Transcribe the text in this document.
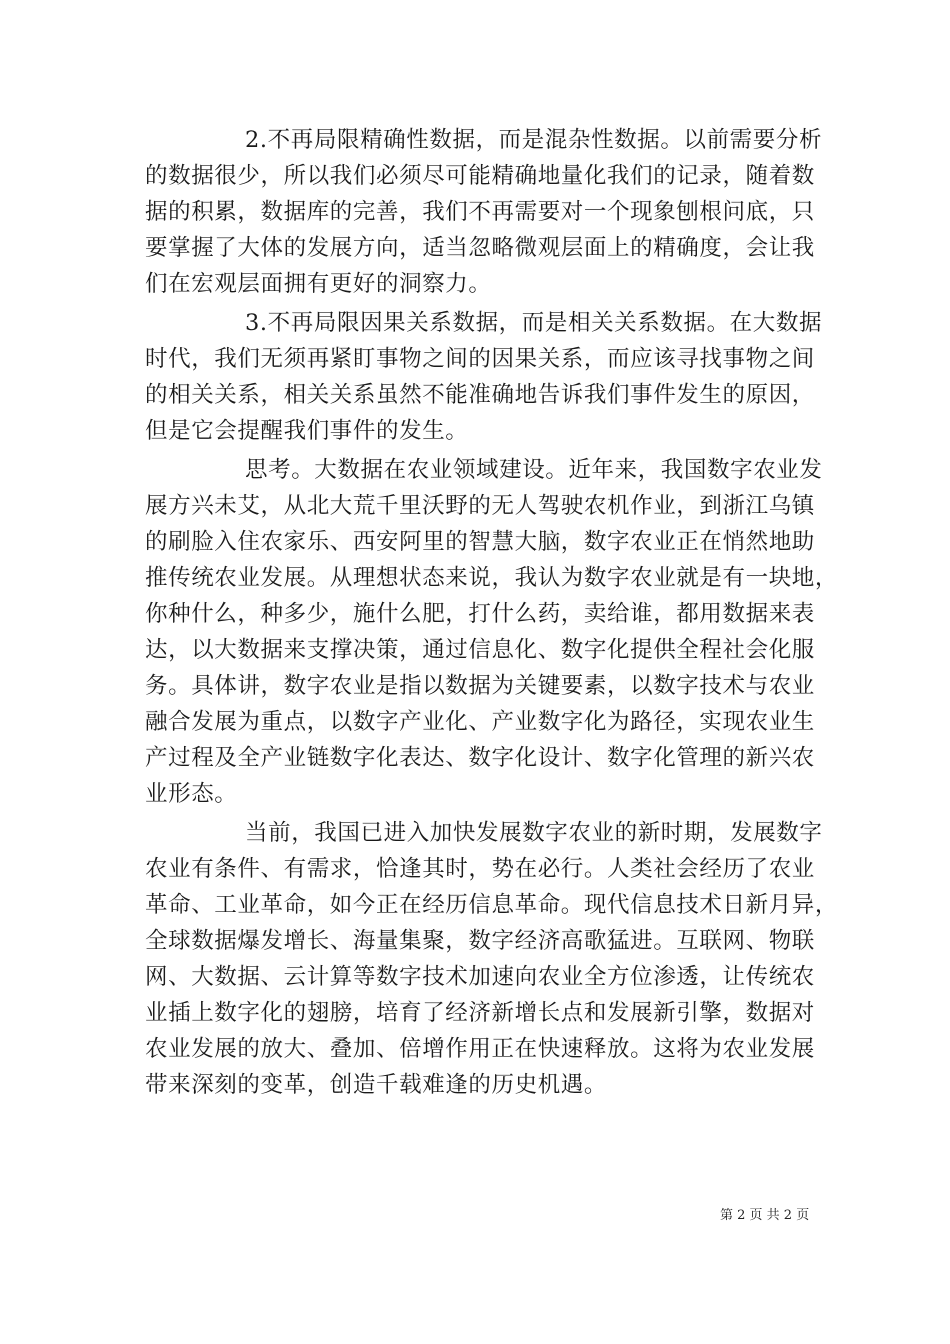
2.不再局限精确性数据，而是混杂性数据。以前需要分析
的数据很少，所以我们必须尽可能精确地量化我们的记录，随着数
据的积累，数据库的完善，我们不再需要对一个现象刨根问底，只
要掌握了大体的发展方向，适当忽略微观层面上的精确度，会让我
们在宏观层面拥有更好的洞察力。
3.不再局限因果关系数据，而是相关关系数据。在大数据
时代，我们无须再紧盯事物之间的因果关系，而应该寻找事物之间
的相关关系，相关关系虽然不能准确地告诉我们事件发生的原因，
但是它会提醒我们事件的发生。
思考。大数据在农业领域建设。近年来，我国数字农业发
展方兴未艾，从北大荒千里沃野的无人驾驶农机作业，到浙江乌镇
的刷脸入住农家乐、西安阿里的智慧大脑，数字农业正在悄然地助
推传统农业发展。从理想状态来说，我认为数字农业就是有一块地，
你种什么，种多少，施什么肥，打什么药，卖给谁，都用数据来表
达，以大数据来支撑决策，通过信息化、数字化提供全程社会化服
务。具体讲，数字农业是指以数据为关键要素，以数字技术与农业
融合发展为重点，以数字产业化、产业数字化为路径，实现农业生
产过程及全产业链数字化表达、数字化设计、数字化管理的新兴农
业形态。
当前，我国已进入加快发展数字农业的新时期，发展数字
农业有条件、有需求，恰逢其时，势在必行。人类社会经历了农业
革命、工业革命，如今正在经历信息革命。现代信息技术日新月异，
全球数据爆发增长、海量集聚，数字经济高歌猛进。互联网、物联
网、大数据、云计算等数字技术加速向农业全方位渗透，让传统农
业插上数字化的翅膀，培育了经济新增长点和发展新引擎，数据对
农业发展的放大、叠加、倍增作用正在快速释放。这将为农业发展
带来深刻的变革，创造千载难逢的历史机遇。
第 2 页 共 2 页
